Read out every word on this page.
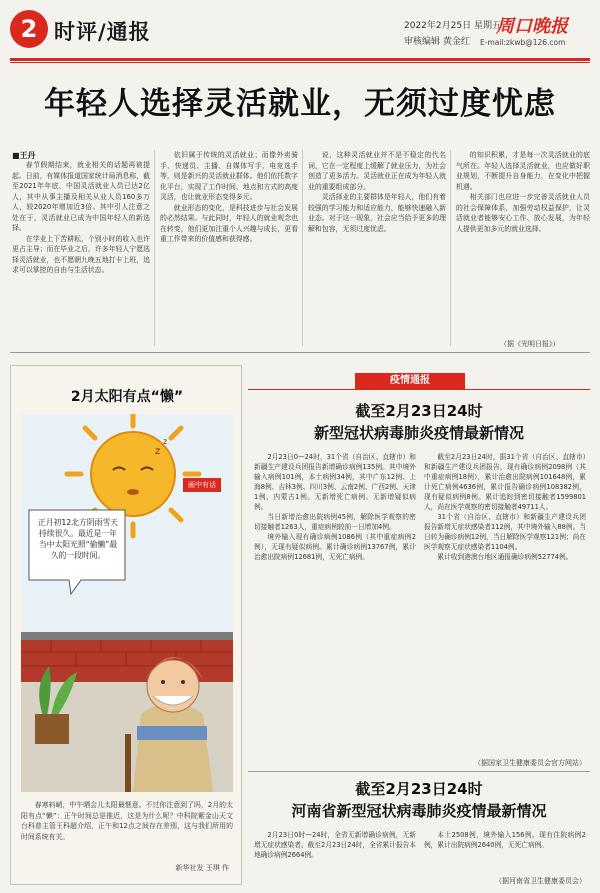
2 时评/通报	2022年2月25日 星期五
审核编辑 黄金红
周口晚报
E-mail:zkwb@126.com
年轻人选择灵活就业，无须过度忧虑
■王丹

春节假期结束，就业相关的话题再被提起。日前，有媒体报道国家统计局消息称，截至2021年年底，中国灵活就业人员已达2亿人，其中从事主播及相关从业人员160多万人，较2020年增加近3倍。其中引人注意之处在于，灵活就业已成为中国年轻人的新选择。

在学业上下苦耕耘，个别小时的收入也许更占主导；而在毕业之后，许多年轻人宁愿选择灵活就业，也不愿朝九晚五地打卡上班，追求可以掌控的自由与生活状态。

依旧属于传统的灵活就业；而像外卖骑手、快递员、主播、自媒体写手、电竞选手等，则是新兴的灵活就业群体。他们依托数字化平台，实现了工作时间、地点和方式的高度灵活，也让就业形态变得多元。

就业形态的变化，是科技进步与社会发展的必然结果。与此同时，年轻人的就业观念也在转变，他们更加注重个人兴趣与成长，更看重工作带来的价值感和获得感。

说，这种灵活就业并不是不稳定的代名词，它在一定程度上缓解了就业压力，为社会创造了更多活力。灵活就业正在成为年轻人就业的重要组成部分。

灵活择业的主要群体是年轻人，他们有着较强的学习能力和适应能力，能够快速融入新业态。对于这一现象，社会应当给予更多的理解和包容，无须过度忧虑。

的知识积累，才是每一次灵活就业的底气所在。年轻人选择灵活就业，也应做好职业规划，不断提升自身能力，在变化中把握机遇。

相关部门也应进一步完善灵活就业人员的社会保障体系，加强劳动权益保护，让灵活就业者能够安心工作、放心发展，为年轻人提供更加多元的就业选择。

（据《光明日报》）
2月太阳有点“懒”
z
z
画中有话
正月初12北方阴雨雪天持续很久。最近是一年当中太阳光照“偷懒”最久的一段时间。
春寒料峭，中午晒会儿太阳最惬意。不过你注意到了吗，2月的太阳有点“懒”：正午时间总是推迟，这是为什么呢？中科院紫金山天文台科普主管王科超介绍，正午和12点之间存在差别，这与我们所用的时间系统有关。
新华社发 王琪 作
疫情通报
截至2月23日24时
新型冠状病毒肺炎疫情最新情况

2月23日0—24时，31个省（自治区、直辖市）和新疆生产建设兵团报告新增确诊病例135例。其中境外输入病例101例，本土病例34例，其中广东12例、上海8例、吉林3例、四川3例、云南2例、广西2例、天津1例、内蒙古1例。无新增死亡病例。无新增疑似病例。

当日新增治愈出院病例45例，解除医学观察的密切接触者1263人，重症病例较前一日增加4例。

境外输入现有确诊病例1086例（其中重症病例2例），无现有疑似病例。累计确诊病例13767例，累计治愈出院病例12681例，无死亡病例。

截至2月23日24时，据31个省（自治区、直辖市）和新疆生产建设兵团报告，现有确诊病例2098例（其中重症病例18例），累计治愈出院病例101648例，累计死亡病例4636例，累计报告确诊病例108382例，现有疑似病例8例。累计追踪到密切接触者1599801人，尚在医学观察的密切接触者49711人。

31个省（自治区、直辖市）和新疆生产建设兵团报告新增无症状感染者112例，其中境外输入88例。当日转为确诊病例12例，当日解除医学观察121例；尚在医学观察无症状感染者1104例。

累计收到港澳台地区通报确诊病例52774例。

（据国家卫生健康委员会官方网站）
截至2月23日24时
河南省新型冠状病毒肺炎疫情最新情况

2月23日0时—24时，全省无新增确诊病例，无新增无症状感染者。截至2月23日24时，全省累计报告本地确诊病例2664例。

本土2508例，境外输入156例。现有住院病例2例，累计出院病例2640例，无死亡病例。

（据河南省卫生健康委员会）
